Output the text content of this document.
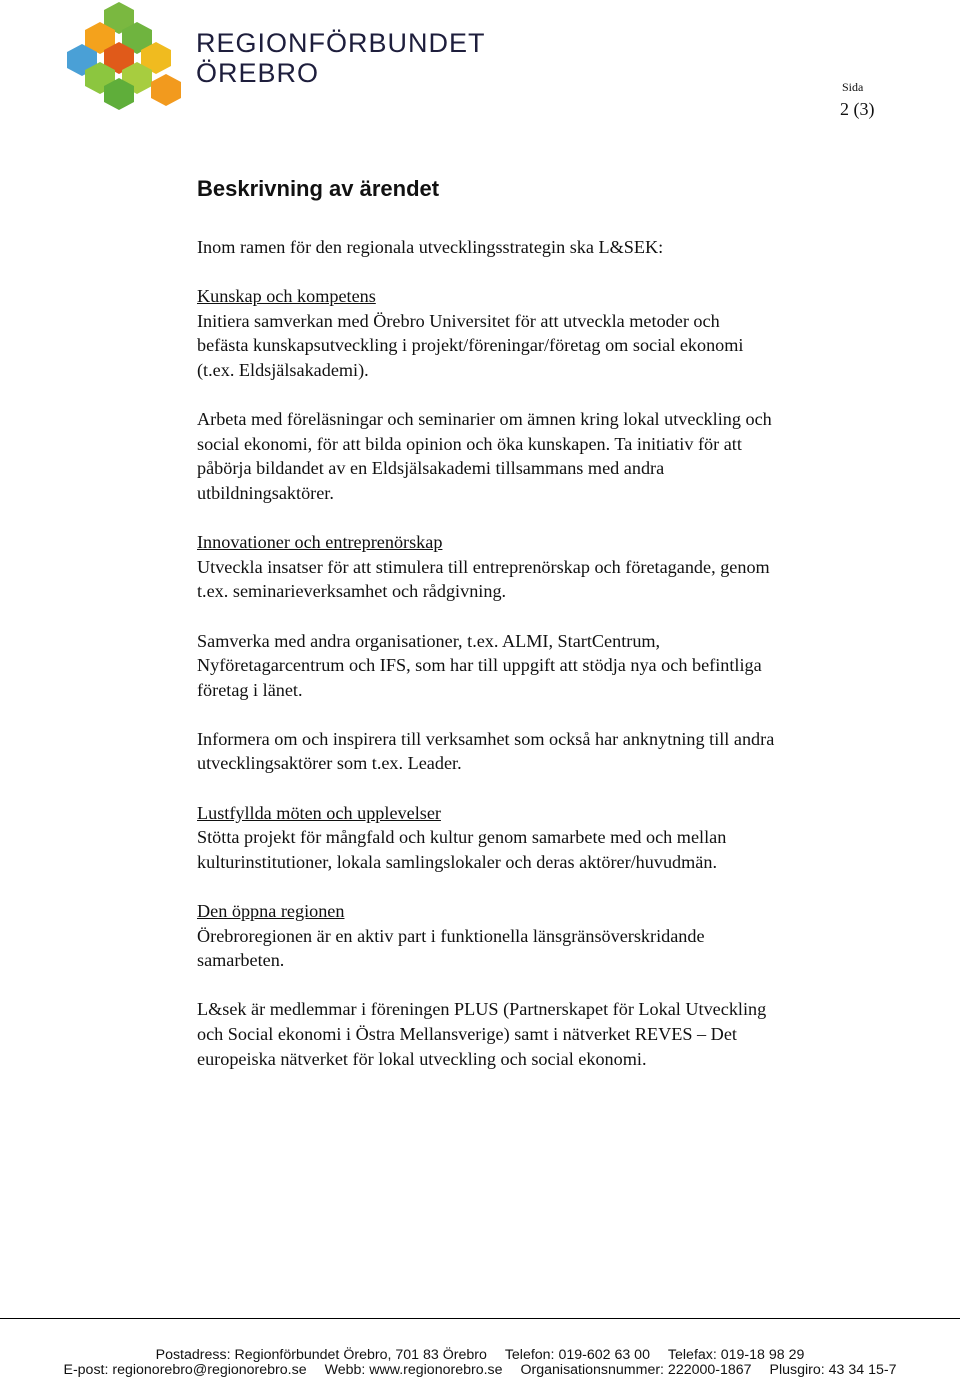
REGIONFÖRBUNDET
ÖREBRO	Sida
2 (3)
Beskrivning av ärendet

Inom ramen för den regionala utvecklingsstrategin ska L&SEK:

Kunskap och kompetens
Initiera samverkan med Örebro Universitet för att utveckla metoder och
befästa kunskapsutveckling i projekt/föreningar/företag om social ekonomi
(t.ex. Eldsjälsakademi).

Arbeta med föreläsningar och seminarier om ämnen kring lokal utveckling och
social ekonomi, för att bilda opinion och öka kunskapen. Ta initiativ för att
påbörja bildandet av en Eldsjälsakademi tillsammans med andra
utbildningsaktörer.

Innovationer och entreprenörskap
Utveckla insatser för att stimulera till entreprenörskap och företagande, genom
t.ex. seminarieverksamhet och rådgivning.

Samverka med andra organisationer, t.ex. ALMI, StartCentrum,
Nyföretagarcentrum och IFS, som har till uppgift att stödja nya och befintliga
företag i länet.

Informera om och inspirera till verksamhet som också har anknytning till andra
utvecklingsaktörer som t.ex. Leader.

Lustfyllda möten och upplevelser
Stötta projekt för mångfald och kultur genom samarbete med och mellan
kulturinstitutioner, lokala samlingslokaler och deras aktörer/huvudmän.

Den öppna regionen
Örebroregionen är en aktiv part i funktionella länsgränsöverskridande
samarbeten.

L&sek är medlemmar i föreningen PLUS (Partnerskapet för Lokal Utveckling
och Social ekonomi i Östra Mellansverige) samt i nätverket REVES – Det
europeiska nätverket för lokal utveckling och social ekonomi.

Postadress: Regionförbundet Örebro, 701 83 Örebro Telefon: 019-602 63 00 Telefax: 019-18 98 29
E-post: regionorebro@regionorebro.se Webb: www.regionorebro.se Organisationsnummer: 222000-1867 Plusgiro: 43 34 15-7
